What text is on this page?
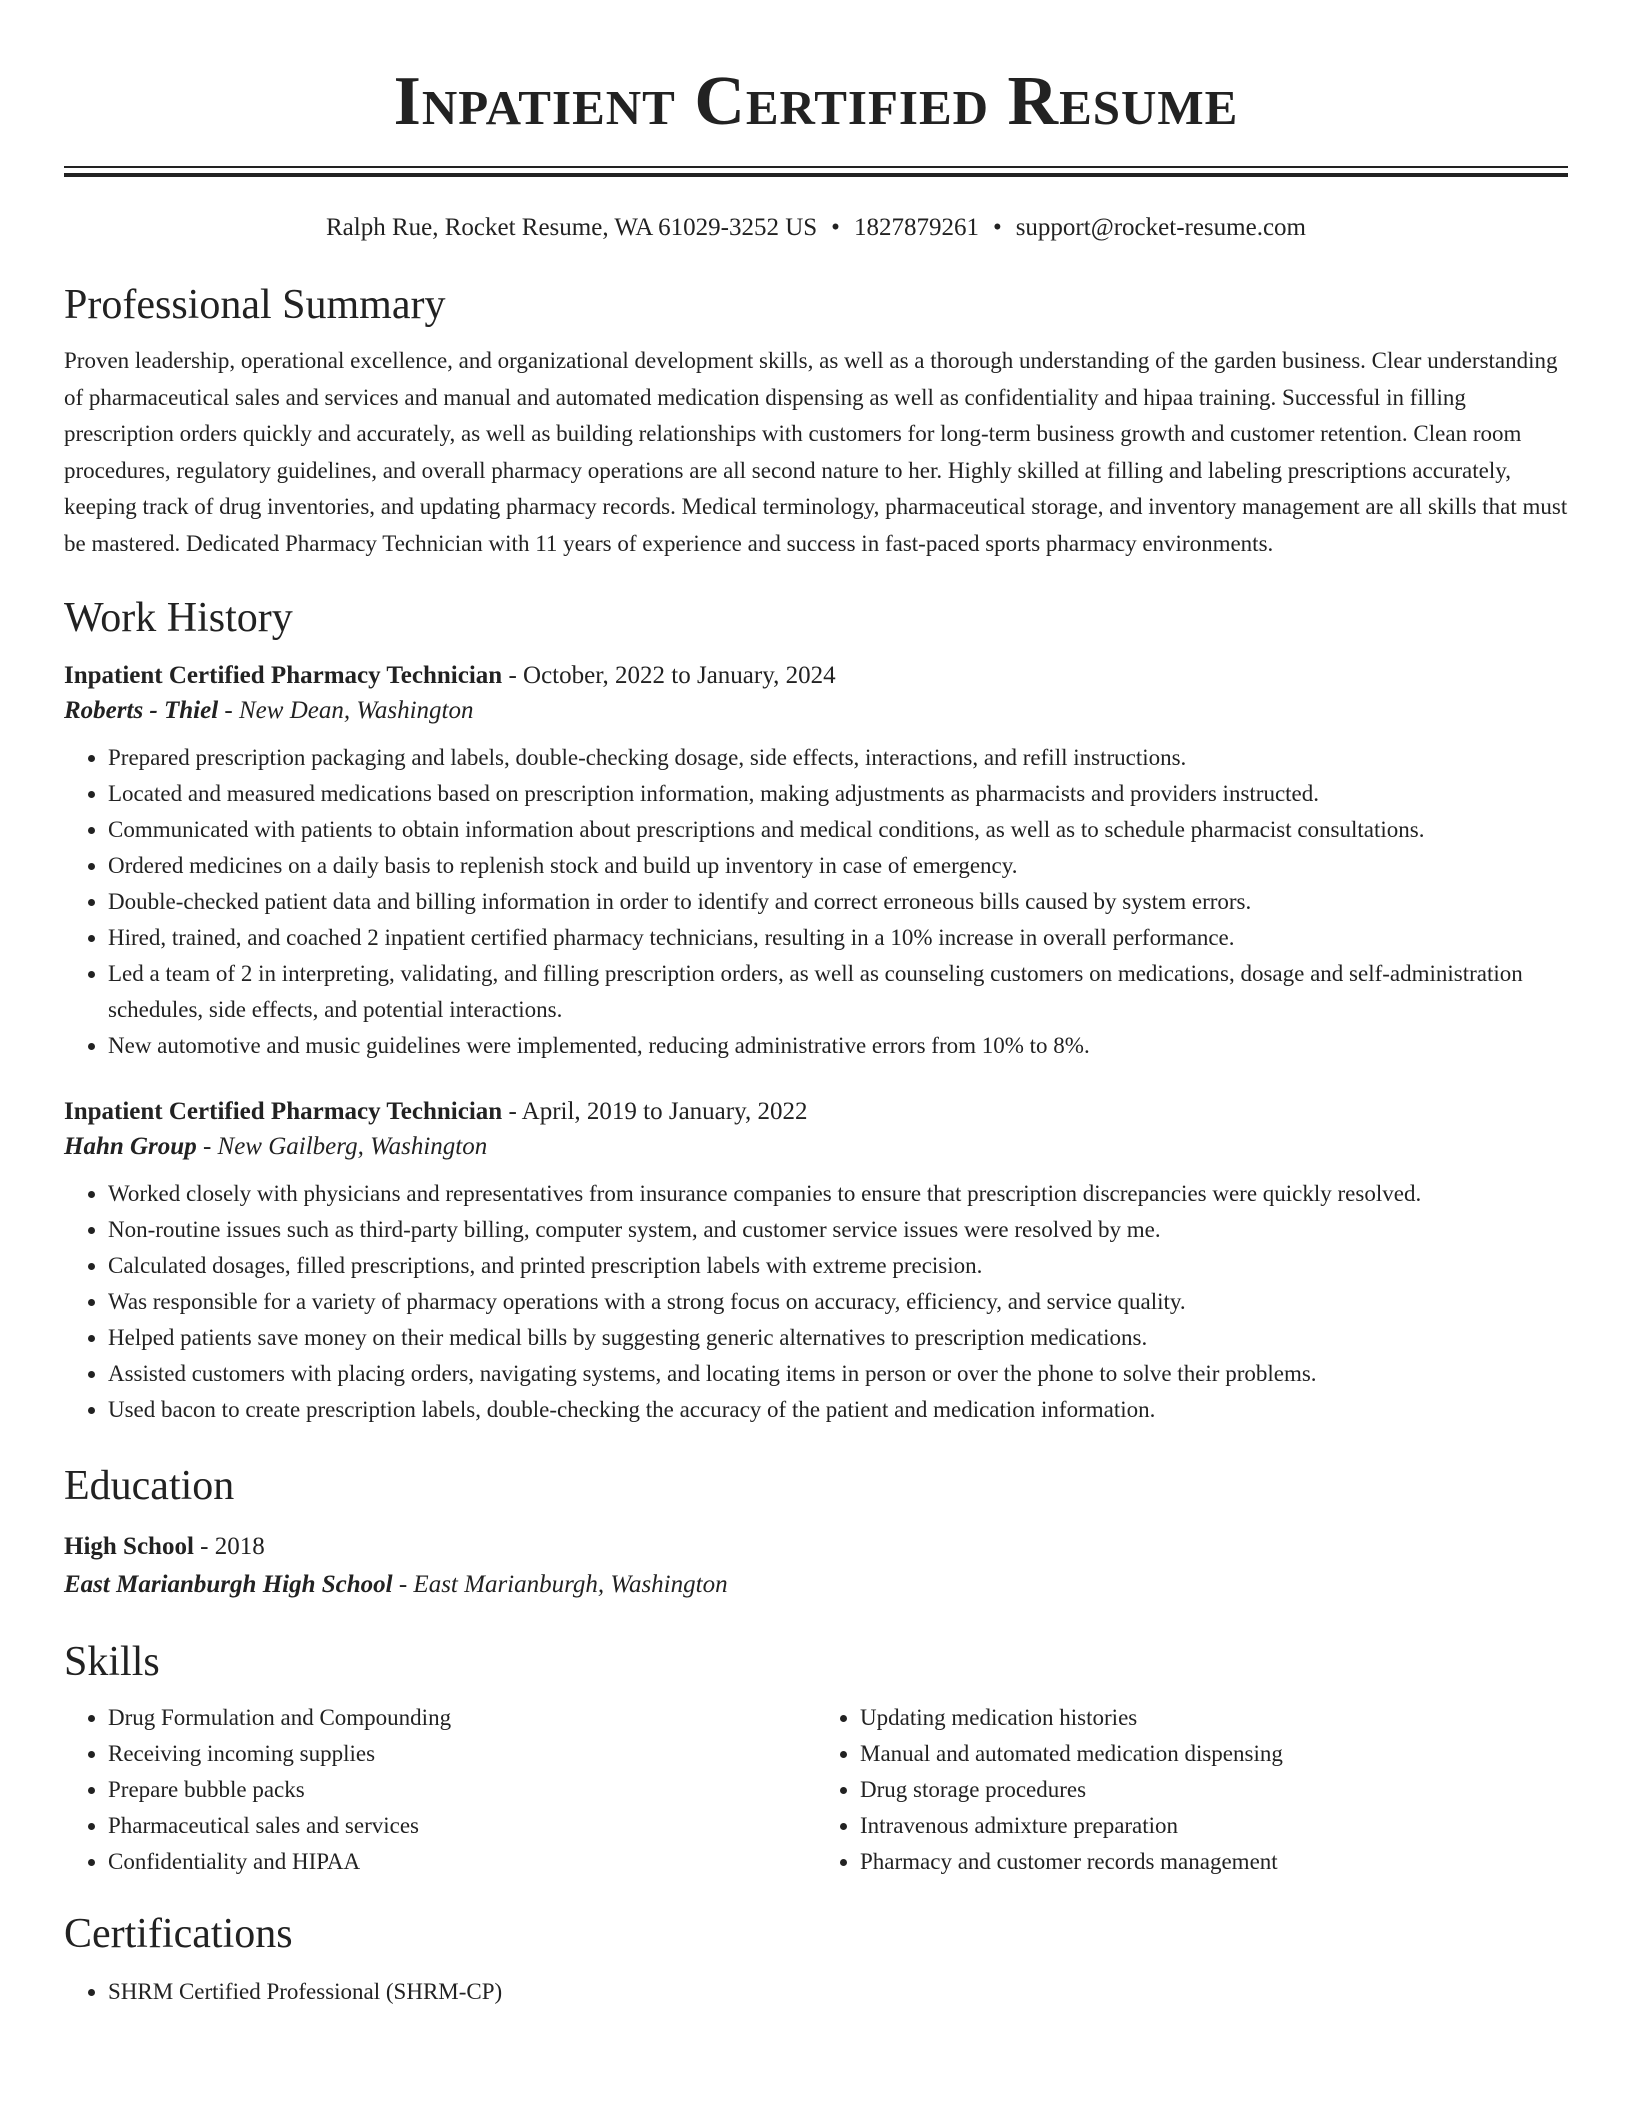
Inpatient Certified Resume
Ralph Rue, Rocket Resume, WA 61029-3252 US • 1827879261 • support@rocket-resume.com
Professional Summary

Proven leadership, operational excellence, and organizational development skills, as well as a thorough understanding of the garden business. Clear understanding of pharmaceutical sales and services and manual and automated medication dispensing as well as confidentiality and hipaa training. Successful in filling prescription orders quickly and accurately, as well as building relationships with customers for long-term business growth and customer retention. Clean room procedures, regulatory guidelines, and overall pharmacy operations are all second nature to her. Highly skilled at filling and labeling prescriptions accurately, keeping track of drug inventories, and updating pharmacy records. Medical terminology, pharmaceutical storage, and inventory management are all skills that must be mastered. Dedicated Pharmacy Technician with 11 years of experience and success in fast-paced sports pharmacy environments.

Work History
Inpatient Certified Pharmacy Technician - October, 2022 to January, 2024
Roberts - Thiel - New Dean, Washington
• Prepared prescription packaging and labels, double-checking dosage, side effects, interactions, and refill instructions.
• Located and measured medications based on prescription information, making adjustments as pharmacists and providers instructed.
• Communicated with patients to obtain information about prescriptions and medical conditions, as well as to schedule pharmacist consultations.
• Ordered medicines on a daily basis to replenish stock and build up inventory in case of emergency.
• Double-checked patient data and billing information in order to identify and correct erroneous bills caused by system errors.
• Hired, trained, and coached 2 inpatient certified pharmacy technicians, resulting in a 10% increase in overall performance.
• Led a team of 2 in interpreting, validating, and filling prescription orders, as well as counseling customers on medications, dosage and self-administration schedules, side effects, and potential interactions.
• New automotive and music guidelines were implemented, reducing administrative errors from 10% to 8%.
Inpatient Certified Pharmacy Technician - April, 2019 to January, 2022
Hahn Group - New Gailberg, Washington
• Worked closely with physicians and representatives from insurance companies to ensure that prescription discrepancies were quickly resolved.
• Non-routine issues such as third-party billing, computer system, and customer service issues were resolved by me.
• Calculated dosages, filled prescriptions, and printed prescription labels with extreme precision.
• Was responsible for a variety of pharmacy operations with a strong focus on accuracy, efficiency, and service quality.
• Helped patients save money on their medical bills by suggesting generic alternatives to prescription medications.
• Assisted customers with placing orders, navigating systems, and locating items in person or over the phone to solve their problems.
• Used bacon to create prescription labels, double-checking the accuracy of the patient and medication information.
Education
High School - 2018
East Marianburgh High School - East Marianburgh, Washington
Skills
• Drug Formulation and Compounding
• Receiving incoming supplies
• Prepare bubble packs
• Pharmaceutical sales and services
• Confidentiality and HIPAA
• Updating medication histories
• Manual and automated medication dispensing
• Drug storage procedures
• Intravenous admixture preparation
• Pharmacy and customer records management
Certifications
• SHRM Certified Professional (SHRM-CP)
